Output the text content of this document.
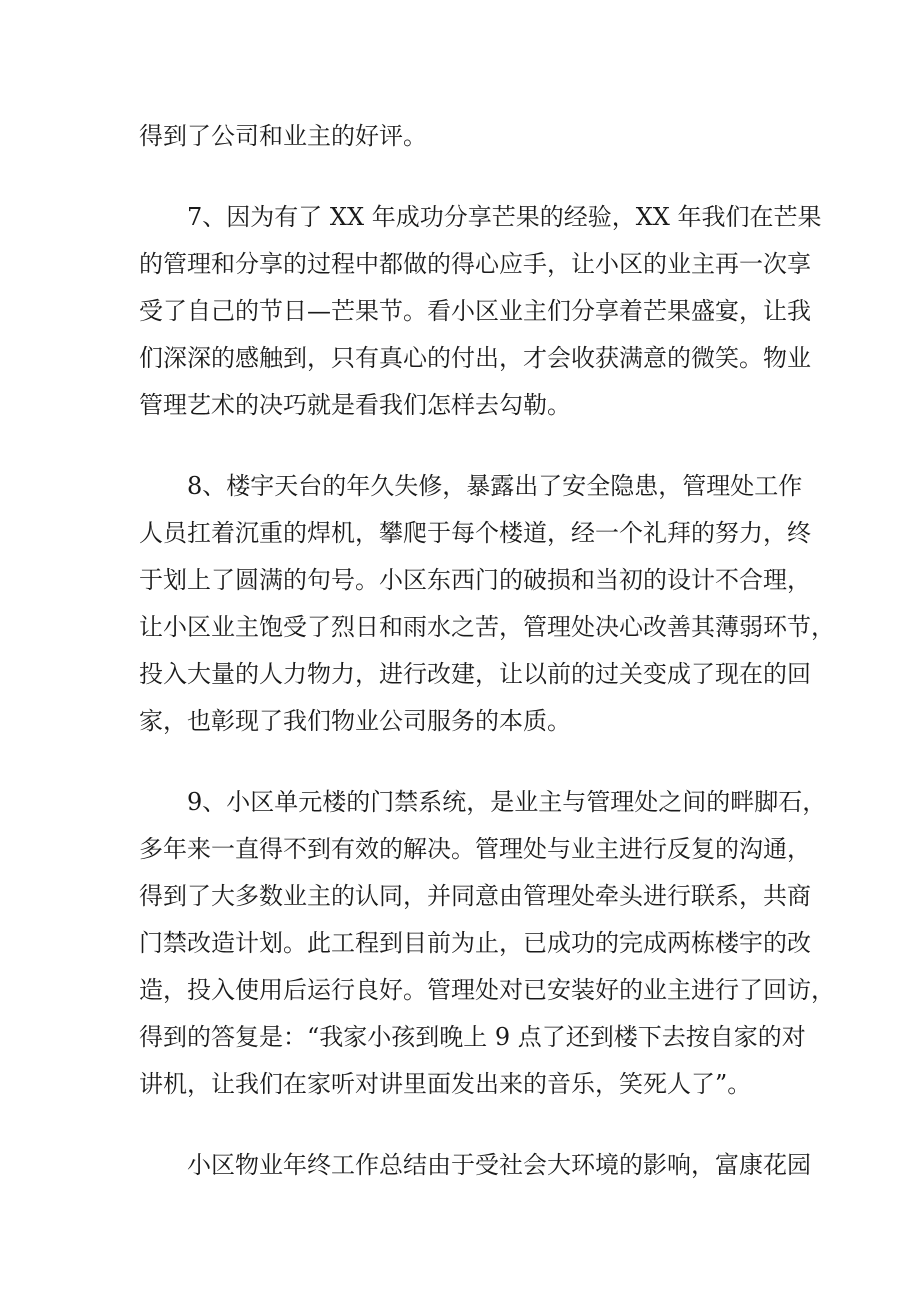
得到了公司和业主的好评。
7、因为有了 XX 年成功分享芒果的经验，XX 年我们在芒果
的管理和分享的过程中都做的得心应手，让小区的业主再一次享
受了自己的节日—芒果节。看小区业主们分享着芒果盛宴，让我
们深深的感触到，只有真心的付出，才会收获满意的微笑。物业
管理艺术的决巧就是看我们怎样去勾勒。
8、楼宇天台的年久失修，暴露出了安全隐患，管理处工作
人员扛着沉重的焊机，攀爬于每个楼道，经一个礼拜的努力，终
于划上了圆满的句号。小区东西门的破损和当初的设计不合理，
让小区业主饱受了烈日和雨水之苦，管理处决心改善其薄弱环节，
投入大量的人力物力，进行改建，让以前的过关变成了现在的回
家，也彰现了我们物业公司服务的本质。
9、小区单元楼的门禁系统，是业主与管理处之间的畔脚石，
多年来一直得不到有效的解决。管理处与业主进行反复的沟通，
得到了大多数业主的认同，并同意由管理处牵头进行联系，共商
门禁改造计划。此工程到目前为止，已成功的完成两栋楼宇的改
造，投入使用后运行良好。管理处对已安装好的业主进行了回访，
得到的答复是：“我家小孩到晚上 9 点了还到楼下去按自家的对
讲机，让我们在家听对讲里面发出来的音乐，笑死人了”。
小区物业年终工作总结由于受社会大环境的影响，富康花园
